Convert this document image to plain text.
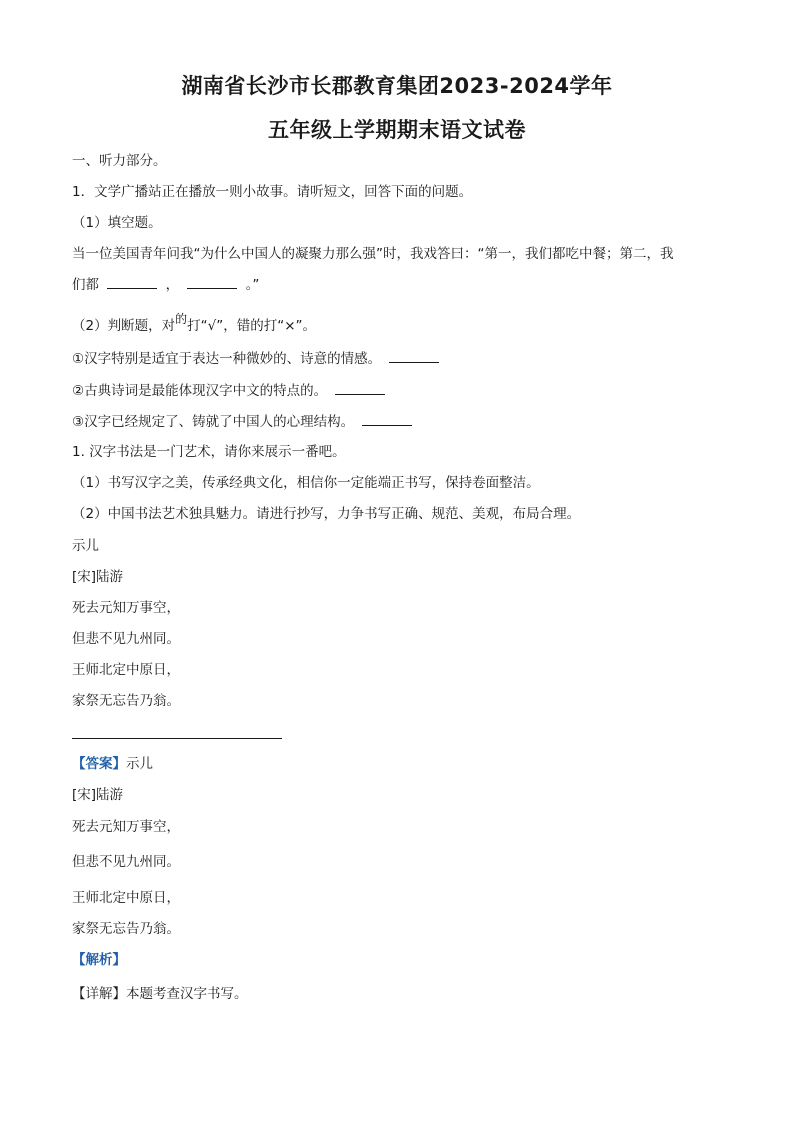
湖南省长沙市长郡教育集团2023-2024学年
五年级上学期期末语文试卷
一、听力部分。
1．文学广播站正在播放一则小故事。请听短文，回答下面的问题。
（1）填空题。
当一位美国青年问我“为什么中国人的凝聚力那么强”时，我戏答曰：“第一，我们都吃中餐；第二，我
们都	，	。”
（2）判断题，对的打“√”，错的打“×”。
①汉字特别是适宜于表达一种微妙的、诗意的情感。
②古典诗词是最能体现汉字中文的特点的。
③汉字已经规定了、铸就了中国人的心理结构。
1. 汉字书法是一门艺术，请你来展示一番吧。
（1）书写汉字之美，传承经典文化，相信你一定能端正书写，保持卷面整洁。
（2）中国书法艺术独具魅力。请进行抄写，力争书写正确、规范、美观，布局合理。
示儿
[宋]陆游
死去元知万事空，
但悲不见九州同。
王师北定中原日，
家祭无忘告乃翁。
【答案】示儿
[宋]陆游
死去元知万事空，
但悲不见九州同。
王师北定中原日，
家祭无忘告乃翁。
【解析】
【详解】本题考查汉字书写。
